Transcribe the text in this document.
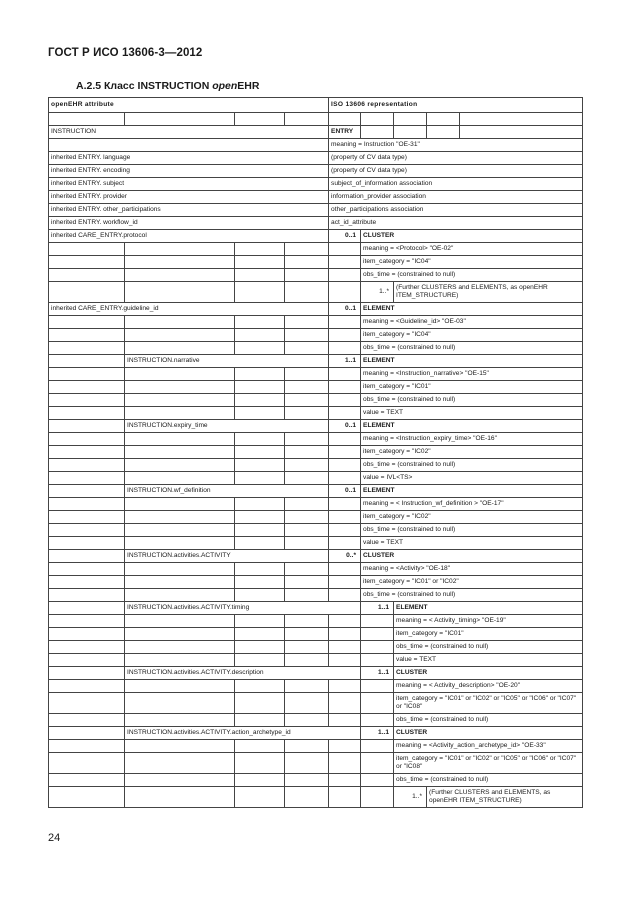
ГОСТ Р ИСО 13606-3—2012
А.2.5 Класс INSTRUCTION openEHR
openEHR attribute				ISO 13606 representation				

INSTRUCTION				ENTRY				
				meaning = Instruction "OE-31"				
inherited ENTRY. language				(property of CV data type)				
inherited ENTRY. encoding				(property of CV data type)				
inherited ENTRY. subject				subject_of_information association				
inherited ENTRY. provider				information_provider association				
inherited ENTRY. other_participations				other_participations association				
inherited ENTRY. workflow_id				act_id_attribute				
inherited CARE_ENTRY.protocol				0..1	CLUSTER			
					meaning = <Protocol> "OE-02"			
					item_category = "IC04"			
					obs_time = (constrained to null)			
					1..*	(Further CLUSTERS and ELEMENTS, as openEHR ITEM_STRUCTURE)		
inherited CARE_ENTRY.guideline_id				0..1	ELEMENT			
					meaning = <Guideline_id> "OE-03"			
					item_category = "IC04"			
					obs_time = (constrained to null)			
	INSTRUCTION.narrative			1..1	ELEMENT			
					meaning = <Instruction_narrative> "OE-15"			
					item_category = "IC01"			
					obs_time = (constrained to null)			
					value = TEXT			
	INSTRUCTION.expiry_time			0..1	ELEMENT			
					meaning = <Instruction_expiry_time> "OE-16"			
					item_category = "IC02"			
					obs_time = (constrained to null)			
					value = IVL<TS>			
	INSTRUCTION.wf_definition			0..1	ELEMENT			
					meaning = < Instruction_wf_definition > "OE-17"			
					item_category = "IC02"			
					obs_time = (constrained to null)			
					value = TEXT			
	INSTRUCTION.activities.ACTIVITY			0..*	CLUSTER			
					meaning = <Activity> "OE-18"			
					item_category = "IC01" or "IC02"			
					obs_time = (constrained to null)			
	INSTRUCTION.activities.ACTIVITY.timing				1..1	ELEMENT		
						meaning = < Activity_timing> "OE-19"		
						item_category = "IC01"		
						obs_time = (constrained to null)		
						value = TEXT		
	INSTRUCTION.activities.ACTIVITY.description				1..1	CLUSTER		
						meaning = < Activity_description> "OE-20"		
						item_category = "IC01" or "IC02" or "IC05" or "IC06" or "IC07" or "IC08"		
						obs_time = (constrained to null)		
	INSTRUCTION.activities.ACTIVITY.action_archetype_id				1..1	CLUSTER		
						meaning = <Activity_action_archetype_id> "OE-33"		
						item_category = "IC01" or "IC02" or "IC05" or "IC06" or "IC07" or "IC08"		
						obs_time = (constrained to null)		
						1..*	(Further CLUSTERS and ELEMENTS, as openEHR ITEM_STRUCTURE)	
24
